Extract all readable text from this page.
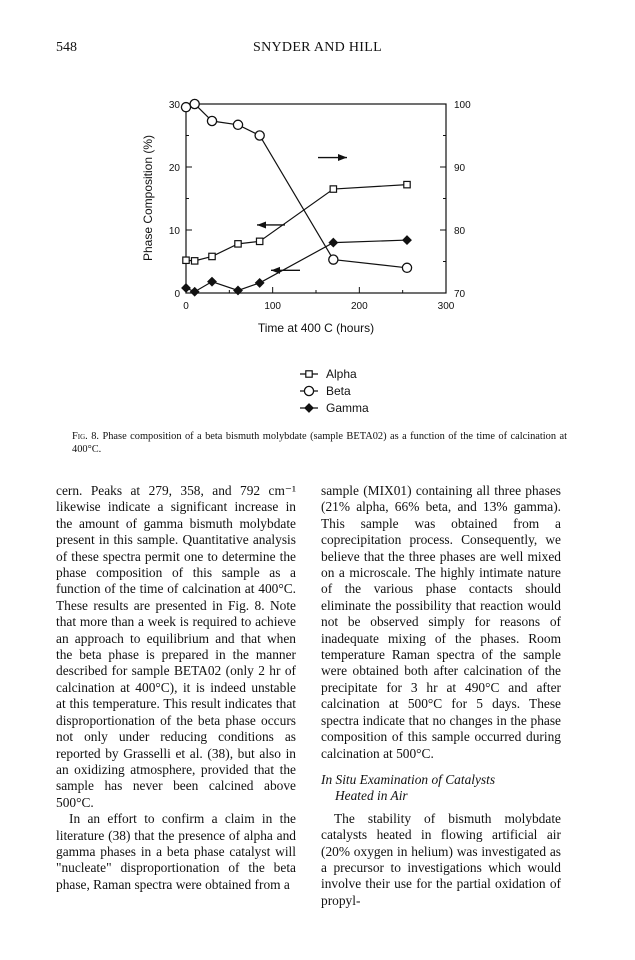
548	SNYDER AND HILL
0
10
20
30
70
80
90
100
0	100	200	300
Phase Composition (%)
Time at 400 C (hours)
Alpha
Beta
Gamma
Fig. 8. Phase composition of a beta bismuth molybdate (sample BETA02) as a function of the time of calcination at 400°C.

cern. Peaks at 279, 358, and 792 cm⁻¹ likewise indicate a significant increase in the amount of gamma bismuth molybdate present in this sample. Quantitative analysis of these spectra permit one to determine the phase composition of this sample as a function of the time of calcination at 400°C. These results are presented in Fig. 8. Note that more than a week is required to achieve an approach to equilibrium and that when the beta phase is prepared in the manner described for sample BETA02 (only 2 hr of calcination at 400°C), it is indeed unstable at this temperature. This result indicates that disproportionation of the beta phase occurs not only under reducing conditions as reported by Grasselli et al. (38), but also in an oxidizing atmosphere, provided that the sample has never been calcined above 500°C.

In an effort to confirm a claim in the literature (38) that the presence of alpha and gamma phases in a beta phase catalyst will "nucleate" disproportionation of the beta phase, Raman spectra were obtained from a

sample (MIX01) containing all three phases (21% alpha, 66% beta, and 13% gamma). This sample was obtained from a coprecipitation process. Consequently, we believe that the three phases are well mixed on a microscale. The highly intimate nature of the various phase contacts should eliminate the possibility that reaction would not be observed simply for reasons of inadequate mixing of the phases. Room temperature Raman spectra of the sample were obtained both after calcination of the precipitate for 3 hr at 490°C and after calcination at 500°C for 5 days. These spectra indicate that no changes in the phase composition of this sample occurred during calcination at 500°C.

In Situ Examination of Catalysts
Heated in Air

The stability of bismuth molybdate catalysts heated in flowing artificial air (20% oxygen in helium) was investigated as a precursor to investigations which would involve their use for the partial oxidation of propyl-
